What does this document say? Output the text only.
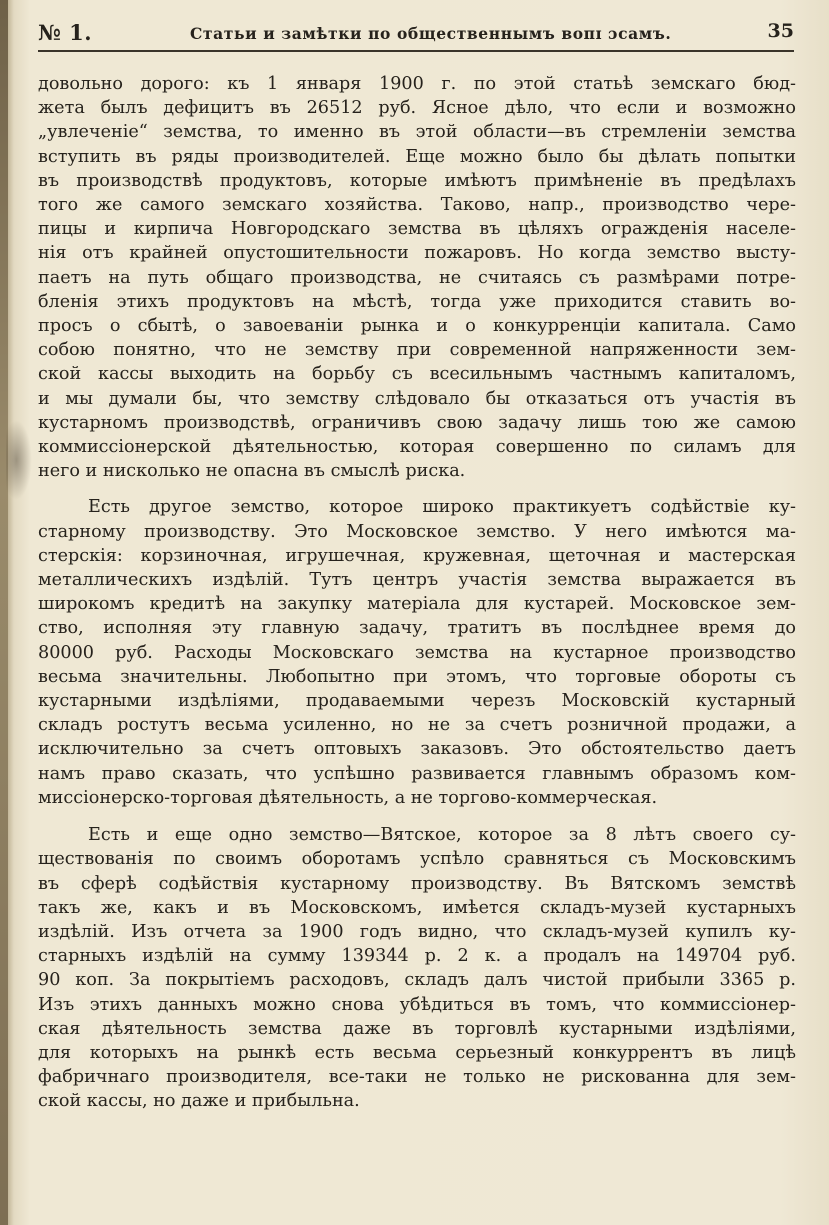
№ 1.	Статьи и замѣтки по общественнымъ вопɪ ɔсамъ.	35
довольно дорого: къ 1 января 1900 г. по этой статьѣ земскаго бюд-
жета былъ дефицитъ въ 26512 руб. Ясное дѣло, что если и возможно
„увлеченіе“ земства, то именно въ этой области—въ стремленіи земства
вступить въ ряды производителей. Еще можно было бы дѣлать попытки
въ производствѣ продуктовъ, которые имѣютъ примѣненіе въ предѣлахъ
того же самого земскаго хозяйства. Таково, напр., производство чере-
пицы и кирпича Новгородскаго земства въ цѣляхъ огражденія населе-
нія отъ крайней опустошительности пожаровъ. Но когда земство высту-
паетъ на путь общаго производства, не считаясь съ размѣрами потре-
бленія этихъ продуктовъ на мѣстѣ, тогда уже приходится ставить во-
просъ о сбытѣ, о завоеваніи рынка и о конкурренціи капитала. Само
собою понятно, что не земству при современной напряженности зем-
ской кассы выходить на борьбу съ всесильнымъ частнымъ капиталомъ,
и мы думали бы, что земству слѣдовало бы отказаться отъ участія въ
кустарномъ производствѣ, ограничивъ свою задачу лишь тою же самою
коммиссіонерской дѣятельностью, которая совершенно по силамъ для
него и нисколько не опасна въ смыслѣ риска.
Есть другое земство, которое широко практикуетъ содѣйствіе ку-
старному производству. Это Московское земство. У него имѣются ма-
стерскія: корзиночная, игрушечная, кружевная, щеточная и мастерская
металлическихъ издѣлій. Тутъ центръ участія земства выражается въ
широкомъ кредитѣ на закупку матеріала для кустарей. Московское зем-
ство, исполняя эту главную задачу, тратитъ въ послѣднее время до
80000 руб. Расходы Московскаго земства на кустарное производство
весьма значительны. Любопытно при этомъ, что торговые обороты съ
кустарными издѣліями, продаваемыми черезъ Московскій кустарный
складъ ростутъ весьма усиленно, но не за счетъ розничной продажи, а
исключительно за счетъ оптовыхъ заказовъ. Это обстоятельство даетъ
намъ право сказать, что успѣшно развивается главнымъ образомъ ком-
миссіонерско-торговая дѣятельность, а не торгово-коммерческая.
Есть и еще одно земство—Вятское, которое за 8 лѣтъ своего су-
ществованія по своимъ оборотамъ успѣло сравняться съ Московскимъ
въ сферѣ содѣйствія кустарному производству. Въ Вятскомъ земствѣ
такъ же, какъ и въ Московскомъ, имѣется складъ-музей кустарныхъ
издѣлій. Изъ отчета за 1900 годъ видно, что складъ-музей купилъ ку-
старныхъ издѣлій на сумму 139344 р. 2 к. а продалъ на 149704 руб.
90 коп. За покрытіемъ расходовъ, складъ далъ чистой прибыли 3365 р.
Изъ этихъ данныхъ можно снова убѣдиться въ томъ, что коммиссіонер-
ская дѣятельность земства даже въ торговлѣ кустарными издѣліями,
для которыхъ на рынкѣ есть весьма серьезный конкуррентъ въ лицѣ
фабричнаго производителя, все-таки не только не рискованна для зем-
ской кассы, но даже и прибыльна.
